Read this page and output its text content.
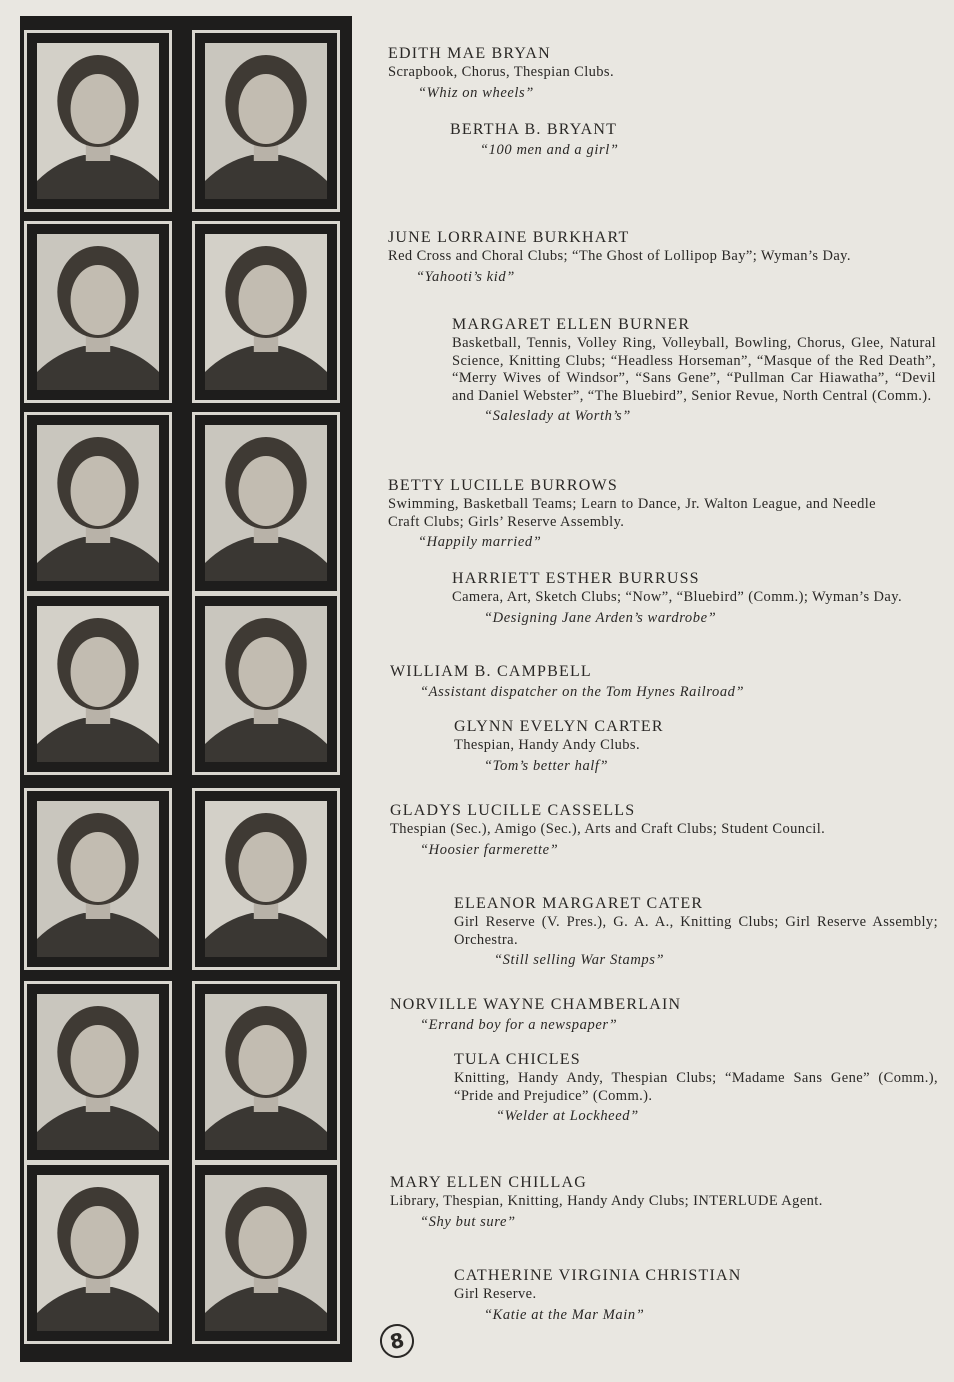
EDITH MAE BRYAN

Scrapbook, Chorus, Thespian Clubs.

“Whiz on wheels”

BERTHA B. BRYANT

“100 men and a girl”

JUNE LORRAINE BURKHART

Red Cross and Choral Clubs; “The Ghost of Lollipop Bay”; Wyman’s Day.

“Yahooti’s kid”

MARGARET ELLEN BURNER

Basketball, Tennis, Volley Ring, Volleyball, Bowling, Chorus, Glee, Natural Science, Knitting Clubs; “Headless Horseman”, “Masque of the Red Death”, “Merry Wives of Windsor”, “Sans Gene”, “Pullman Car Hiawatha”, “Devil and Daniel Webster”, “The Bluebird”, Senior Revue, North Central (Comm.).

“Saleslady at Worth’s”

BETTY LUCILLE BURROWS

Swimming, Basketball Teams; Learn to Dance, Jr. Walton League, and Needle Craft Clubs; Girls’ Reserve Assembly.

“Happily married”

HARRIETT ESTHER BURRUSS

Camera, Art, Sketch Clubs; “Now”, “Bluebird” (Comm.); Wyman’s Day.

“Designing Jane Arden’s wardrobe”

WILLIAM B. CAMPBELL

“Assistant dispatcher on the Tom Hynes Railroad”

GLYNN EVELYN CARTER

Thespian, Handy Andy Clubs.

“Tom’s better half”

GLADYS LUCILLE CASSELLS

Thespian (Sec.), Amigo (Sec.), Arts and Craft Clubs; Student Council.

“Hoosier farmerette”

ELEANOR MARGARET CATER

Girl Reserve (V. Pres.), G. A. A., Knitting Clubs; Girl Reserve Assembly; Orchestra.

“Still selling War Stamps”

NORVILLE WAYNE CHAMBERLAIN

“Errand boy for a newspaper”

TULA CHICLES

Knitting, Handy Andy, Thespian Clubs; “Madame Sans Gene” (Comm.), “Pride and Prejudice” (Comm.).

“Welder at Lockheed”

MARY ELLEN CHILLAG

Library, Thespian, Knitting, Handy Andy Clubs; INTERLUDE Agent.

“Shy but sure”

CATHERINE VIRGINIA CHRISTIAN

Girl Reserve.

“Katie at the Mar Main”

8
